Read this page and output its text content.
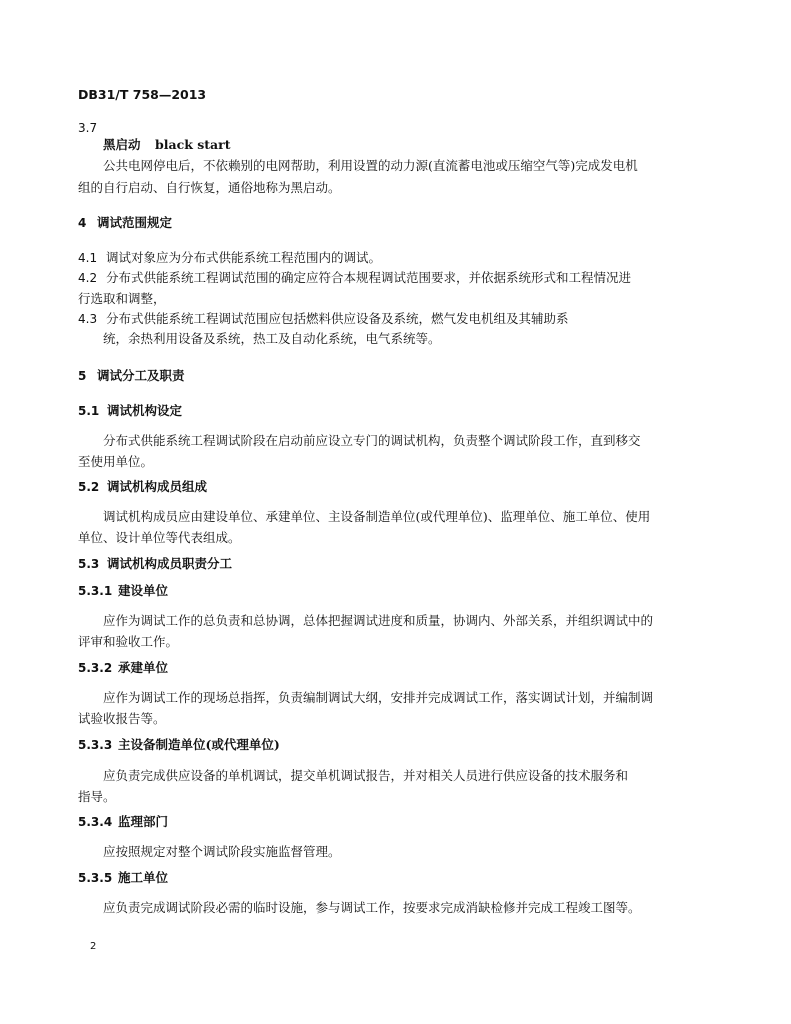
DB31/T 758—2013
3.7
黑启动 black start
公共电网停电后，不依赖别的电网帮助，利用设置的动力源(直流蓄电池或压缩空气等)完成发电机
组的自行启动、自行恢复，通俗地称为黑启动。
4 调试范围规定
4.1 调试对象应为分布式供能系统工程范围内的调试。
4.2 分布式供能系统工程调试范围的确定应符合本规程调试范围要求，并依据系统形式和工程情况进
行选取和调整，
4.3 分布式供能系统工程调试范围应包括燃料供应设备及系统，燃气发电机组及其辅助系
统，余热利用设备及系统，热工及自动化系统，电气系统等。
5 调试分工及职责
5.1 调试机构设定
分布式供能系统工程调试阶段在启动前应设立专门的调试机构，负责整个调试阶段工作，直到移交
至使用单位。
5.2 调试机构成员组成
调试机构成员应由建设单位、承建单位、主设备制造单位(或代理单位)、监理单位、施工单位、使用
单位、设计单位等代表组成。
5.3 调试机构成员职责分工
5.3.1 建设单位
应作为调试工作的总负责和总协调，总体把握调试进度和质量，协调内、外部关系，并组织调试中的
评审和验收工作。
5.3.2 承建单位
应作为调试工作的现场总指挥，负责编制调试大纲，安排并完成调试工作，落实调试计划，并编制调
试验收报告等。
5.3.3 主设备制造单位(或代理单位)
应负责完成供应设备的单机调试，提交单机调试报告，并对相关人员进行供应设备的技术服务和
指导。
5.3.4 监理部门
应按照规定对整个调试阶段实施监督管理。
5.3.5 施工单位
应负责完成调试阶段必需的临时设施，参与调试工作，按要求完成消缺检修并完成工程竣工图等。
2
